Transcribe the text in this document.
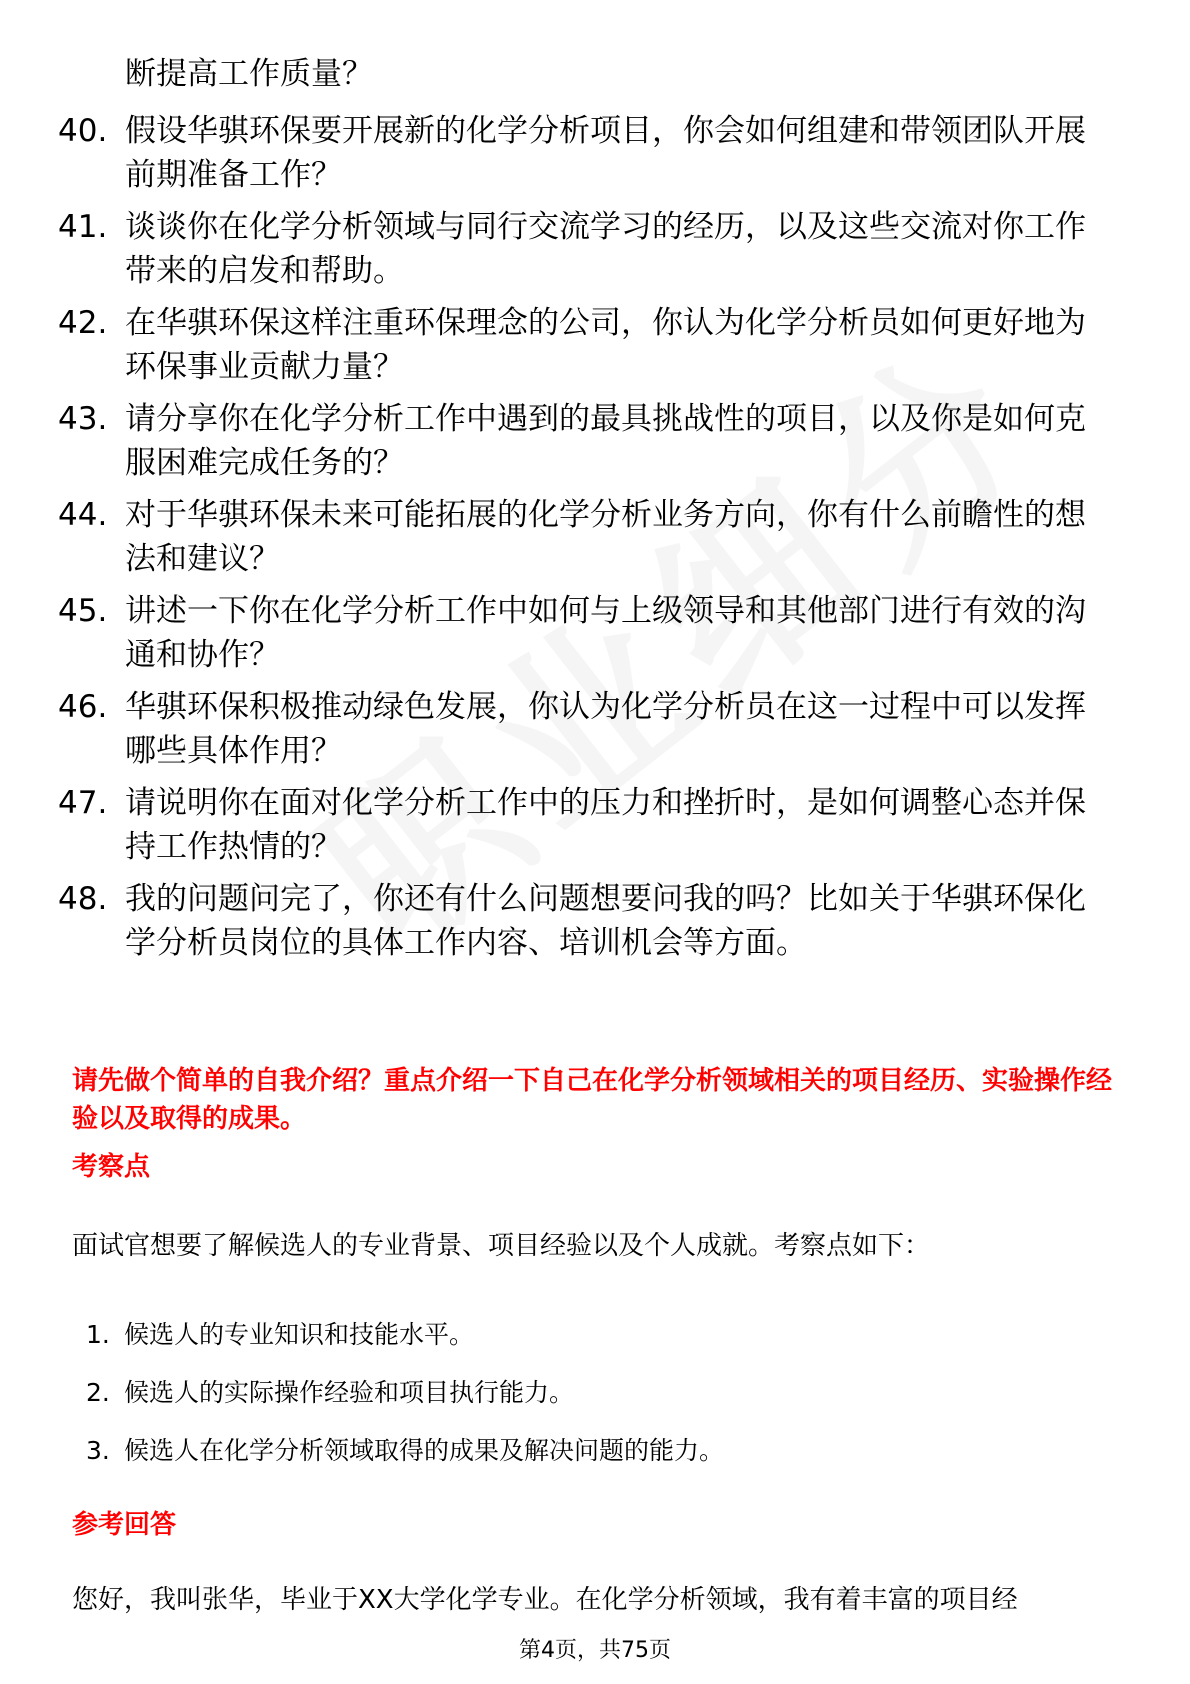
断提高工作质量？
40. 假设华骐环保要开展新的化学分析项目，你会如何组建和带领团队开展前期准备工作？
41. 谈谈你在化学分析领域与同行交流学习的经历，以及这些交流对你工作带来的启发和帮助。
42. 在华骐环保这样注重环保理念的公司，你认为化学分析员如何更好地为环保事业贡献力量？
43. 请分享你在化学分析工作中遇到的最具挑战性的项目，以及你是如何克服困难完成任务的？
44. 对于华骐环保未来可能拓展的化学分析业务方向，你有什么前瞻性的想法和建议？
45. 讲述一下你在化学分析工作中如何与上级领导和其他部门进行有效的沟通和协作？
46. 华骐环保积极推动绿色发展，你认为化学分析员在这一过程中可以发挥哪些具体作用？
47. 请说明你在面对化学分析工作中的压力和挫折时，是如何调整心态并保持工作热情的？
48. 我的问题问完了，你还有什么问题想要问我的吗？比如关于华骐环保化学分析员岗位的具体工作内容、培训机会等方面。
请先做个简单的自我介绍？重点介绍一下自己在化学分析领域相关的项目经历、实验操作经验以及取得的成果。
考察点
面试官想要了解候选人的专业背景、项目经验以及个人成就。考察点如下：
1. 候选人的专业知识和技能水平。
2. 候选人的实际操作经验和项目执行能力。
3. 候选人在化学分析领域取得的成果及解决问题的能力。
参考回答
您好，我叫张华，毕业于XX大学化学专业。在化学分析领域，我有着丰富的项目经
第4页，共75页
